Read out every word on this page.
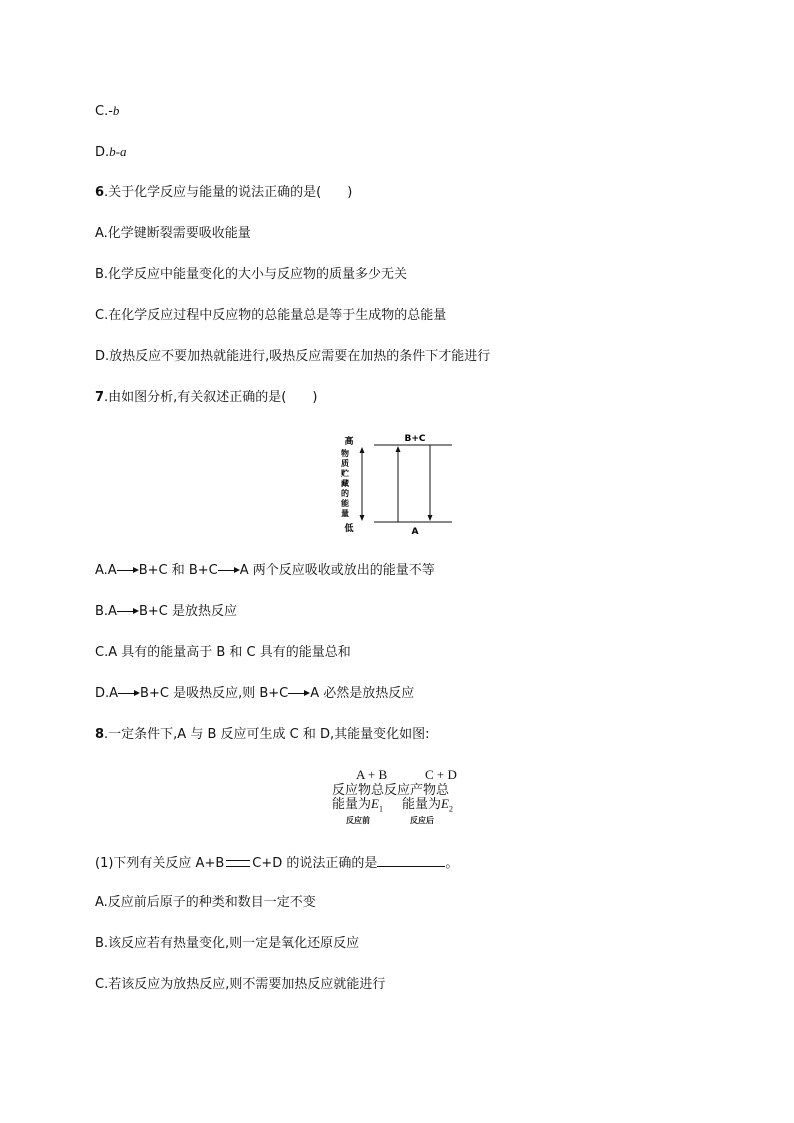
C.-b
D.b-a
6.关于化学反应与能量的说法正确的是(　　)
A.化学键断裂需要吸收能量
B.化学反应中能量变化的大小与反应物的质量多少无关
C.在化学反应过程中反应物的总能量总是等于生成物的总能量
D.放热反应不要加热就能进行,吸热反应需要在加热的条件下才能进行
7.由如图分析,有关叙述正确的是(　　)
高
低
物
质
贮
藏
的
能
量
B+C
A
A.A B+C 和 B+C A 两个反应吸收或放出的能量不等
B.A B+C 是放热反应
C.A 具有的能量高于 B 和 C 具有的能量总和
D.A B+C 是吸热反应,则 B+C A 必然是放热反应
8.一定条件下,A 与 B 反应可生成 C 和 D,其能量变化如图:
A + B	C + D
反应物总 反应 产物总
能量为$E_1$ 能量为$E_2$
反应前	反应后
(1)下列有关反应 A+B C+D 的说法正确的是	。
A.反应前后原子的种类和数目一定不变
B.该反应若有热量变化,则一定是氧化还原反应
C.若该反应为放热反应,则不需要加热反应就能进行
